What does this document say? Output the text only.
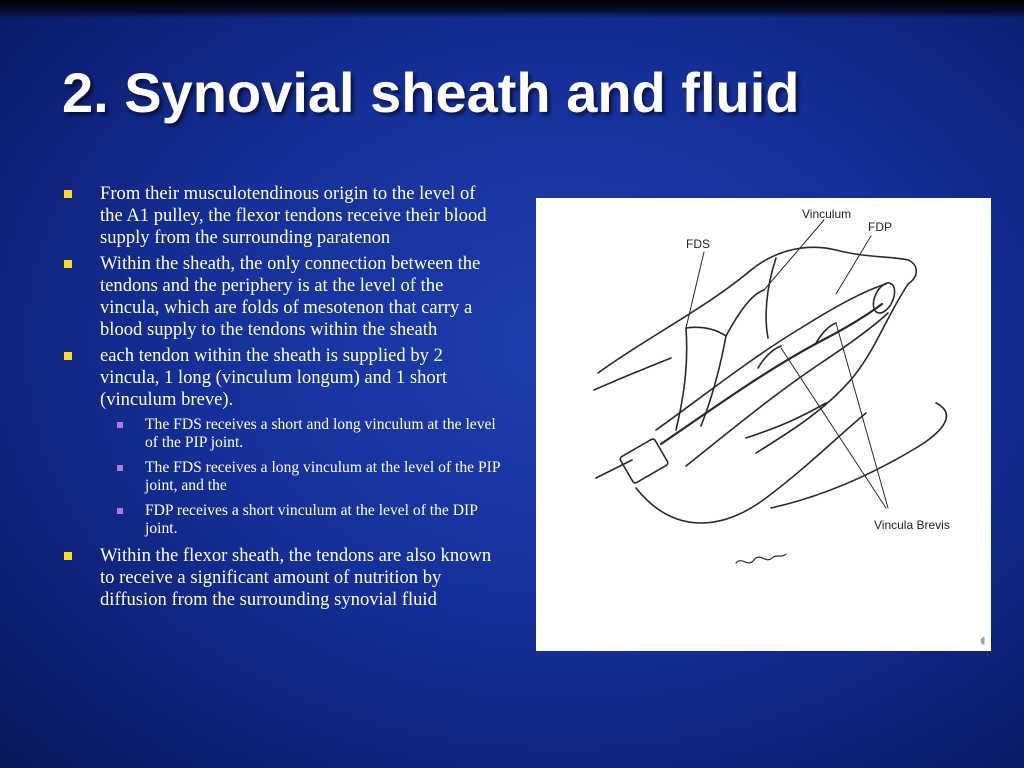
2. Synovial sheath and fluid
From their musculotendinous origin to the level of the A1 pulley, the flexor tendons receive their blood supply from the surrounding paratenon
Within the sheath, the only connection between the tendons and the periphery is at the level of the vincula, which are folds of mesotenon that carry a blood supply to the tendons within the sheath
each tendon within the sheath is supplied by 2 vincula, 1 long (vinculum longum) and 1 short (vinculum breve).
The FDS receives a short and long vinculum at the level of the PIP joint.
The FDS receives a long vinculum at the level of the PIP joint, and the
FDP receives a short vinculum at the level of the DIP joint.
Within the flexor sheath, the tendons are also known to receive a significant amount of nutrition by diffusion from the surrounding synovial fluid
Vinculum
FDP
FDS
Vincula Brevis
◖
